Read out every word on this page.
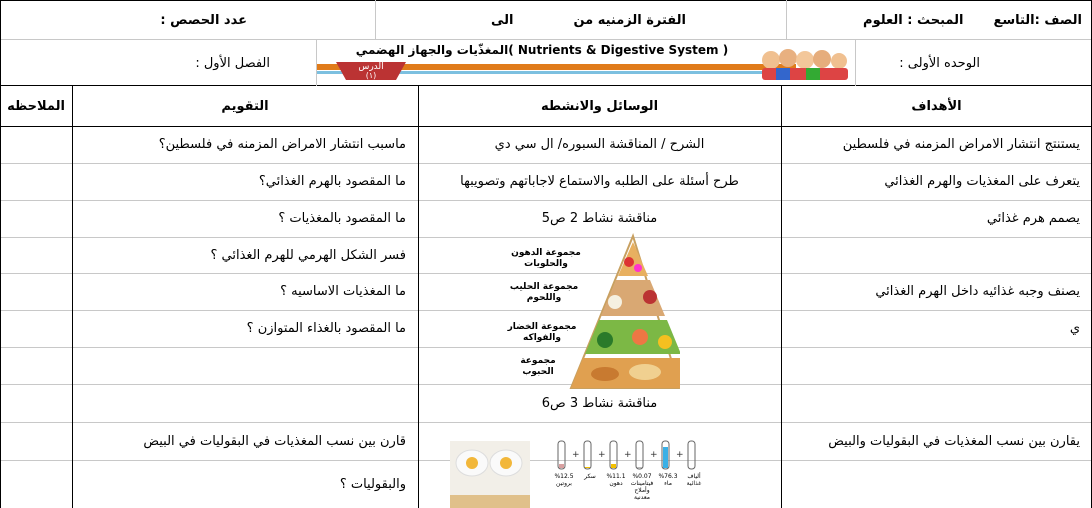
الصف :التاسع
المبحث : العلوم
الفترة الزمنيه من
الى
عدد الحصص :
الوحده الأولى :
المغذّيات والجهاز الهضمي( Nutrients & Digestive System )
الدرس
(١)
الفصل الأول :
الأهداف
الوسائل والانشطه
التقويم
الملاحظه
يستنتج انتشار الامراض المزمنه في فلسطين
الشرح / المناقشة السبوره/ ال سي دي
ماسبب انتشار الامراض المزمنه في فلسطين؟
يتعرف على المغذيات والهرم الغذائي
طرح أسئلة على الطلبه والاستماع لاجاباتهم وتصويبها
ما المقصود بالهرم الغذائي؟
يصمم هرم غذائي
مناقشة نشاط 2 ص5
ما المقصود بالمغذيات ؟
فسر الشكل الهرمي للهرم الغذائي ؟
يصنف وجبه غذائيه داخل الهرم الغذائي
ما المغذيات الاساسيه ؟
ي
ما المقصود بالغذاء المتوازن ؟
مناقشة نشاط 3 ص6
يقارن بين نسب المغذيات في البقوليات والبيض
قارن بين نسب المغذيات في البقوليات في البيض
والبقوليات ؟
مجموعة الدهون والحلويات
مجموعة الحليب واللحوم
مجموعة الخضار والفواكه
مجموعة الحبوب
+ + + + +
%12.5 بروتين
سكر	%11.1 دهون
%0.07 فيتامينات وأملاح معدنية
%76.3 ماء
ألياف غذائية
